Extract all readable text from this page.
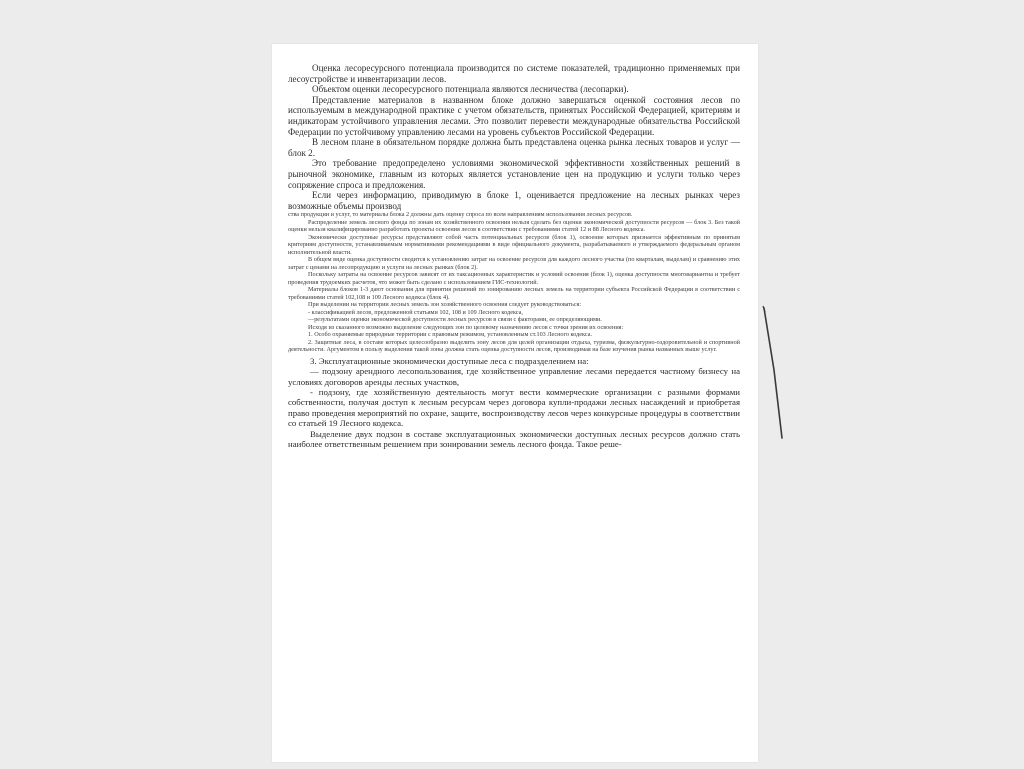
Оценка лесоресурсного потенциала производится по системе показателей, традиционно применяемых при лесоустройстве и инвентаризации лесов.

Объектом оценки лесоресурсного потенциала являются лесничества (лесопарки).

Представление материалов в названном блоке должно завершаться оценкой состояния лесов по используемым в международной практике с учетом обязательств, принятых Российской Федерацией, критериям и индикаторам устойчивого управления лесами. Это позволит перевести международные обязательства Российской Федерации по устойчивому управлению лесами на уровень субъектов Российской Федерации.

В лесном плане в обязательном порядке должна быть представлена оценка рынка лесных товаров и услуг — блок 2.

Это требование предопределено условиями экономической эффективности хозяйственных решений в рыночной экономике, главным из которых является установление цен на продукцию и услуги только через сопряжение спроса и предложения.

Если через информацию, приводимую в блоке 1, оценивается предложение на лесных рынках через возможные объемы производ

ства продукции и услуг, то материалы блока 2 должны дать оценку спроса по всем направлениям использования лесных ресурсов.

Распределение земель лесного фонда по зонам их хозяйственного освоения нельзя сделать без оценки экономической доступности ресурсов — блок 3. Без такой оценки нельзя квалифицированно разработать проекты освоения лесов в соответствии с требованиями статей 12 и 88 Лесного кодекса.

Экономически доступные ресурсы представляют собой часть потенциальных ресурсов (блок 1), освоение которых признается эффективным по принятым критериям доступности, устанавливаемым нормативными рекомендациями в виде официального документа, разрабатываемого и утверждаемого федеральным органом исполнительной власти.

В общем виде оценка доступности сводится к установлению затрат на освоение ресурсов для каждого лесного участка (по кварталам, выделам) и сравнению этих затрат с ценами на лесопродукцию и услуги на лесных рынках (блок 2).

Поскольку затраты на освоение ресурсов зависят от их таксационных характеристик и условий освоения (блок 1), оценка доступности многовариантна и требует проведения трудоемких расчетов, что может быть сделано с использованием ГИС-технологий.

Материалы блоков 1-3 дают основания для принятия решений по зонированию лесных земель на территории субъекта Российской Федерации в соответствии с требованиями статей 102,108 и 109 Лесного кодекса (блок 4).

При выделении на территории лесных земель зон хозяйственного освоения следует руководствоваться:

- классификацией лесов, предложенной статьями 102, 108 и 109 Лесного кодекса,

—результатами оценки экономической доступности лесных ресурсов в связи с факторами, ее определяющими.

Исходя из сказанного возможно выделение следующих зон по целевому назначению лесов с точки зрения их освоения:

1. Особо охраняемые природные территории с правовым режимом, установленным ст.103 Лесного кодекса.

2. Защитные леса, в составе которых целесообразно выделить зону лесов для целей организации отдыха, туризма, физкультурно-оздоровительной и спортивной деятельности. Аргументом в пользу выделения такой зоны должна стать оценка доступности лесов, производимая на базе изучения рынка названных выше услуг.

3. Эксплуатационные экономически доступные леса с подразделением на:

— подзону арендного лесопользования, где хозяйственное управление лесами передается частному бизнесу на условиях договоров аренды лесных участков,

- подзону, где хозяйственную деятельность могут вести коммерческие организации с разными формами собственности, получая доступ к лесным ресурсам через договора купли-продажи лесных насаждений и приобретая право проведения мероприятий по охране, защите, воспроизводству лесов через конкурсные процедуры в соответствии со статьей 19 Лесного кодекса.

Выделение двух подзон в составе эксплуатационных экономически доступных лесных ресурсов должно стать наиболее ответственным решением при зонировании земель лесного фонда. Такое реше-
